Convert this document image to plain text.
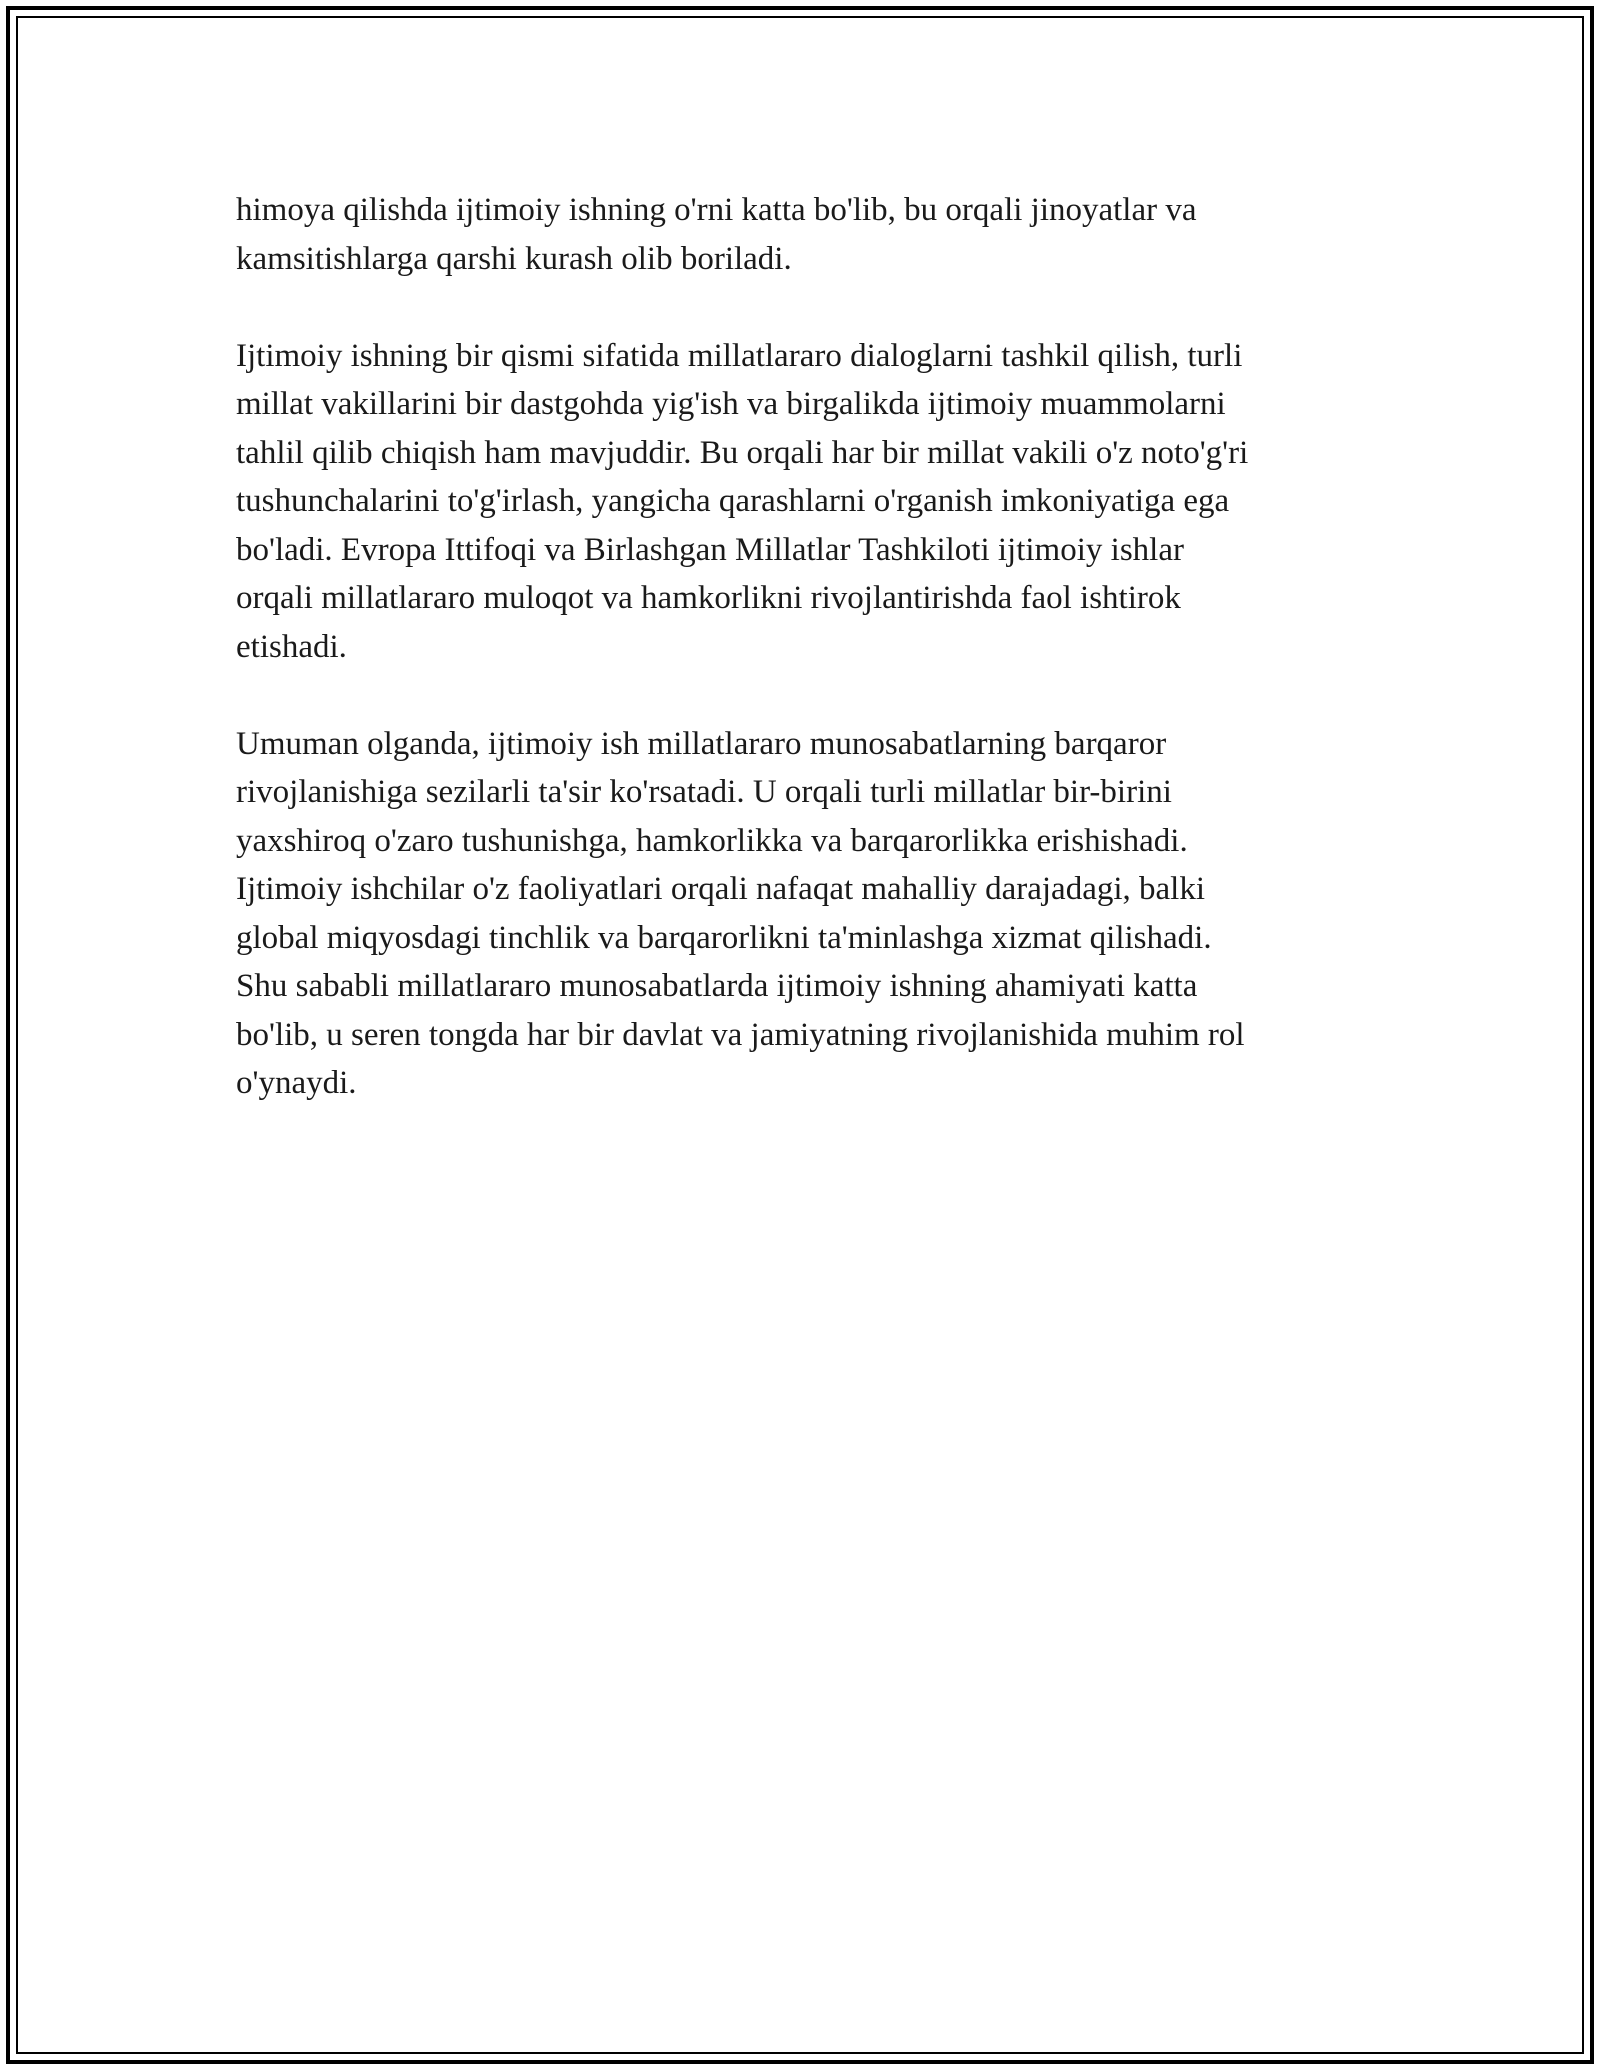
himoya qilishda ijtimoiy ishning o'rni katta bo'lib, bu orqali jinoyatlar va
kamsitishlarga qarshi kurash olib boriladi.

Ijtimoiy ishning bir qismi sifatida millatlararo dialoglarni tashkil qilish, turli
millat vakillarini bir dastgohda yig'ish va birgalikda ijtimoiy muammolarni
tahlil qilib chiqish ham mavjuddir. Bu orqali har bir millat vakili o'z noto'g'ri
tushunchalarini to'g'irlash, yangicha qarashlarni o'rganish imkoniyatiga ega
bo'ladi. Evropa Ittifoqi va Birlashgan Millatlar Tashkiloti ijtimoiy ishlar
orqali millatlararo muloqot va hamkorlikni rivojlantirishda faol ishtirok
etishadi.

Umuman olganda, ijtimoiy ish millatlararo munosabatlarning barqaror
rivojlanishiga sezilarli ta'sir ko'rsatadi. U orqali turli millatlar bir-birini
yaxshiroq o'zaro tushunishga, hamkorlikka va barqarorlikka erishishadi.
Ijtimoiy ishchilar o'z faoliyatlari orqali nafaqat mahalliy darajadagi, balki
global miqyosdagi tinchlik va barqarorlikni ta'minlashga xizmat qilishadi.
Shu sababli millatlararo munosabatlarda ijtimoiy ishning ahamiyati katta
bo'lib, u seren tongda har bir davlat va jamiyatning rivojlanishida muhim rol
o'ynaydi.
